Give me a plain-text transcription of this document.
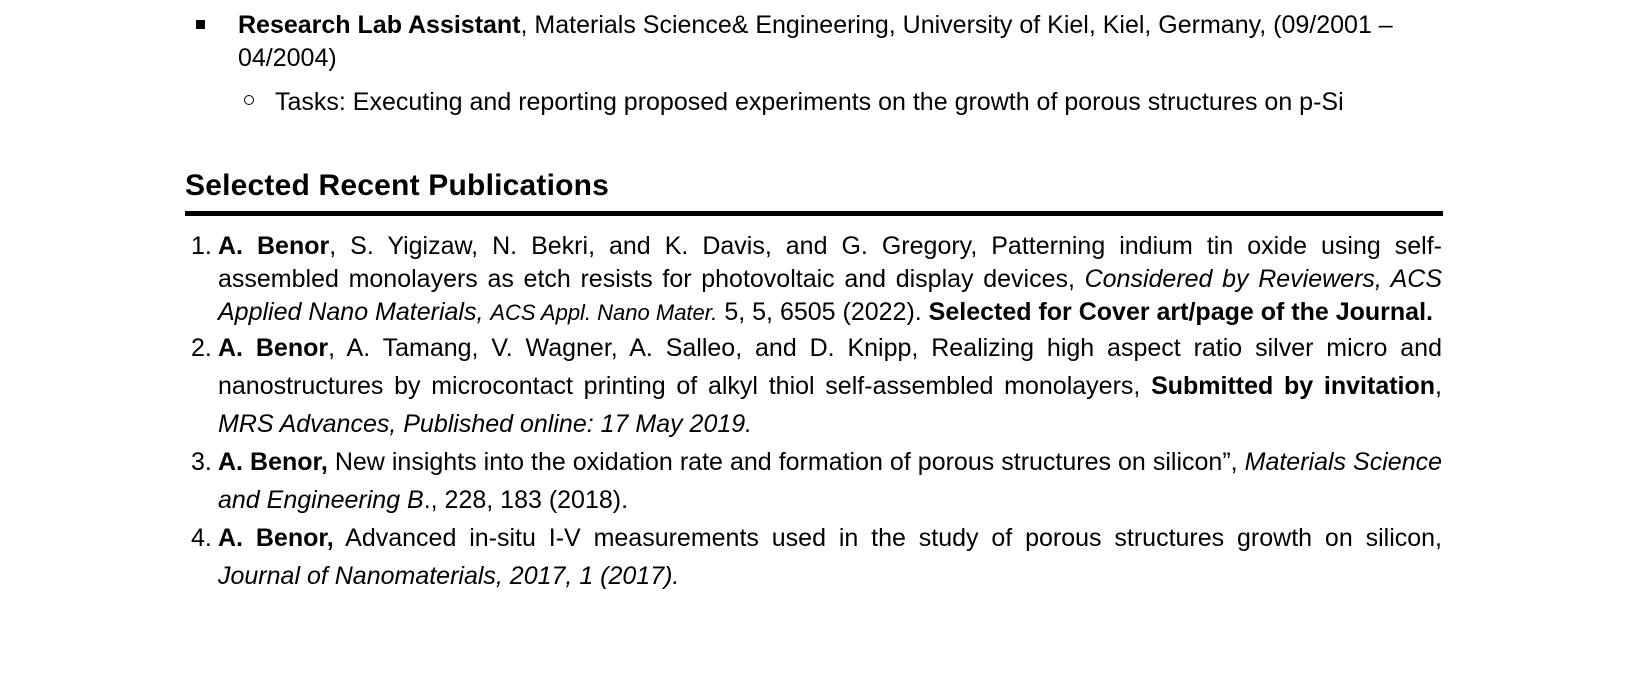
Research Lab Assistant, Materials Science& Engineering, University of Kiel, Kiel, Germany, (09/2001 – 04/2004)
Tasks: Executing and reporting proposed experiments on the growth of porous structures on p-Si
Selected Recent Publications
1. A. Benor, S. Yigizaw, N. Bekri, and K. Davis, and G. Gregory, Patterning indium tin oxide using self-assembled monolayers as etch resists for photovoltaic and display devices, Considered by Reviewers, ACS Applied Nano Materials, ACS Appl. Nano Mater. 5, 5, 6505 (2022). Selected for Cover art/page of the Journal.
2. A. Benor, A. Tamang, V. Wagner, A. Salleo, and D. Knipp, Realizing high aspect ratio silver micro and nanostructures by microcontact printing of alkyl thiol self-assembled monolayers, Submitted by invitation, MRS Advances, Published online: 17 May 2019.
3. A. Benor, New insights into the oxidation rate and formation of porous structures on silicon”, Materials Science and Engineering B., 228, 183 (2018).
4. A. Benor, Advanced in-situ I-V measurements used in the study of porous structures growth on silicon, Journal of Nanomaterials, 2017, 1 (2017).
